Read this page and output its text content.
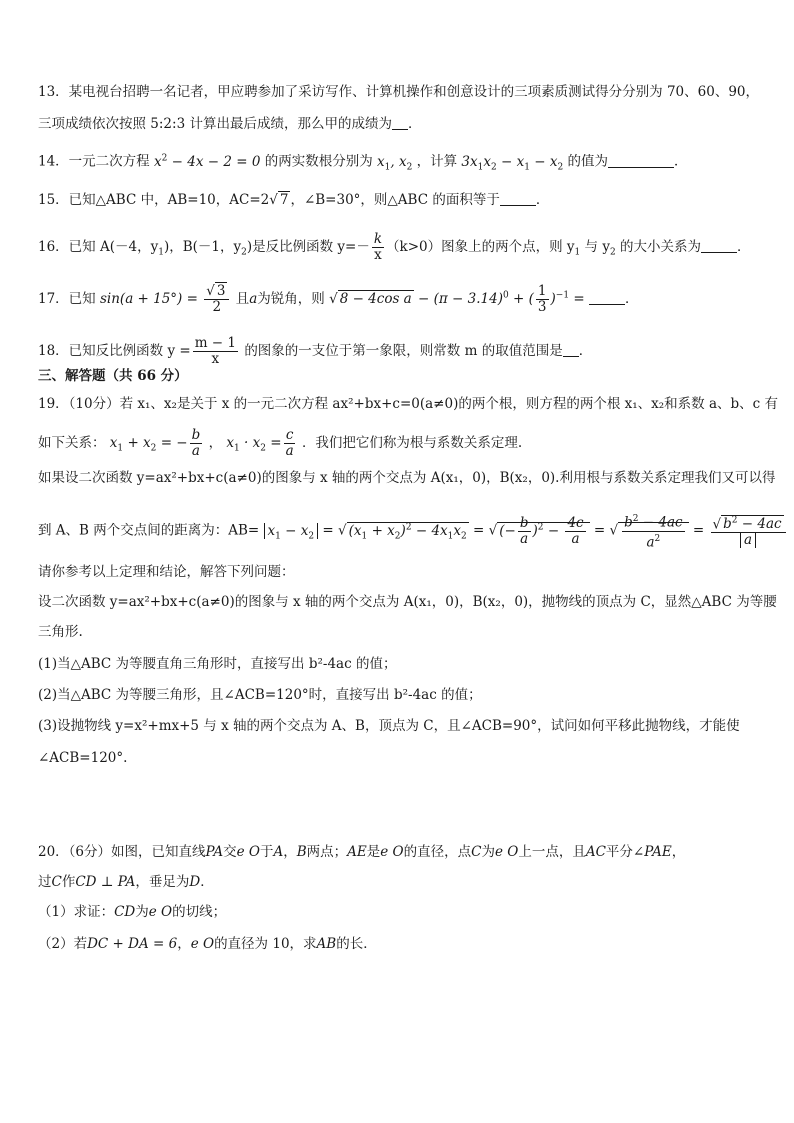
13．某电视台招聘一名记者，甲应聘参加了采访写作、计算机操作和创意设计的三项素质测试得分分别为 70、60、90，
三项成绩依次按照 5:2:3 计算出最后成绩，那么甲的成绩为 ．
14．一元二次方程 $x^2 - 4x - 2 = 0$ 的两实数根分别为 $x_1$, $x_2$ ，计算 $3x_1x_2 - x_1 - x_2$ 的值为	．
15．已知△ABC 中，AB=10，AC=2√ 7 ，∠B=30°，则△ABC 的面积等于	．
16．已知 A(－4，$y_1$)，B(－1，$y_2$)是反比例函数 $y=- \frac{k}{x} (k>0)$图象上的两个点，则 $y_1$ 与 $y_2$ 的大小关系为	．
17．已知 $\sin(a + 15^\circ) = \frac{√ 3}{2}$ 且a为锐角，则 √ 8 − 4cos $a - (\pi - 3.14)^0$ + ( $\frac{1}{3} )^{-1}$ =	．
18．已知反比例函数 $y = \frac{m - 1}{x}$ 的图象的一支位于第一象限，则常数 m 的取值范围是 ．
三、解答题（共 66 分）
19．（10分）若 x₁、x₂是关于 x 的一元二次方程 ax²+bx+c=0(a≠0)的两个根，则方程的两个根 x₁、x₂和系数 a、b、c 有
如下关系： $x_1 + x_2$ = − $\frac{b}{a}$ ， $x_1 \cdot x_2 = \frac{c}{a}$ ．我们把它们称为根与系数关系定理.
如果设二次函数 y=ax²+bx+c(a≠0)的图象与 x 轴的两个交点为 A(x₁，0)，B(x₂，0).利用根与系数关系定理我们又可以得
到 A、B 两个交点间的距离为：$AB= x_1 - x_2$ = √ $(x_1 + x_2)^2 - 4x_1x_2$ = √ (− $\frac{b}{a} )^2 - \frac{4c}{a}$ = √ $\frac{b^2 - 4ac}{a^2} = \frac{√ b^2 - 4ac}{a}$
请你参考以上定理和结论，解答下列问题：
设二次函数 y=ax²+bx+c(a≠0)的图象与 x 轴的两个交点为 A(x₁，0)，B(x₂，0)，抛物线的顶点为 C，显然△ABC 为等腰
三角形.
(1)当△ABC 为等腰直角三角形时，直接写出 b²-4ac 的值；
(2)当△ABC 为等腰三角形，且∠ACB=120°时，直接写出 b²-4ac 的值；
(3)设抛物线 y=x²+mx+5 与 x 轴的两个交点为 A、B，顶点为 C，且∠ACB=90°，试问如何平移此抛物线，才能使
∠ACB=120°.
20．（6分）如图，已知直线PA交e O于A，B两点；AE是e O的直径，点C为e O上一点，且AC平分∠PAE，
过C作CD ⊥ PA，垂足为D．
（1）求证：CD为e O的切线；
（2）若DC + DA = 6，e O的直径为 10，求AB的长．
